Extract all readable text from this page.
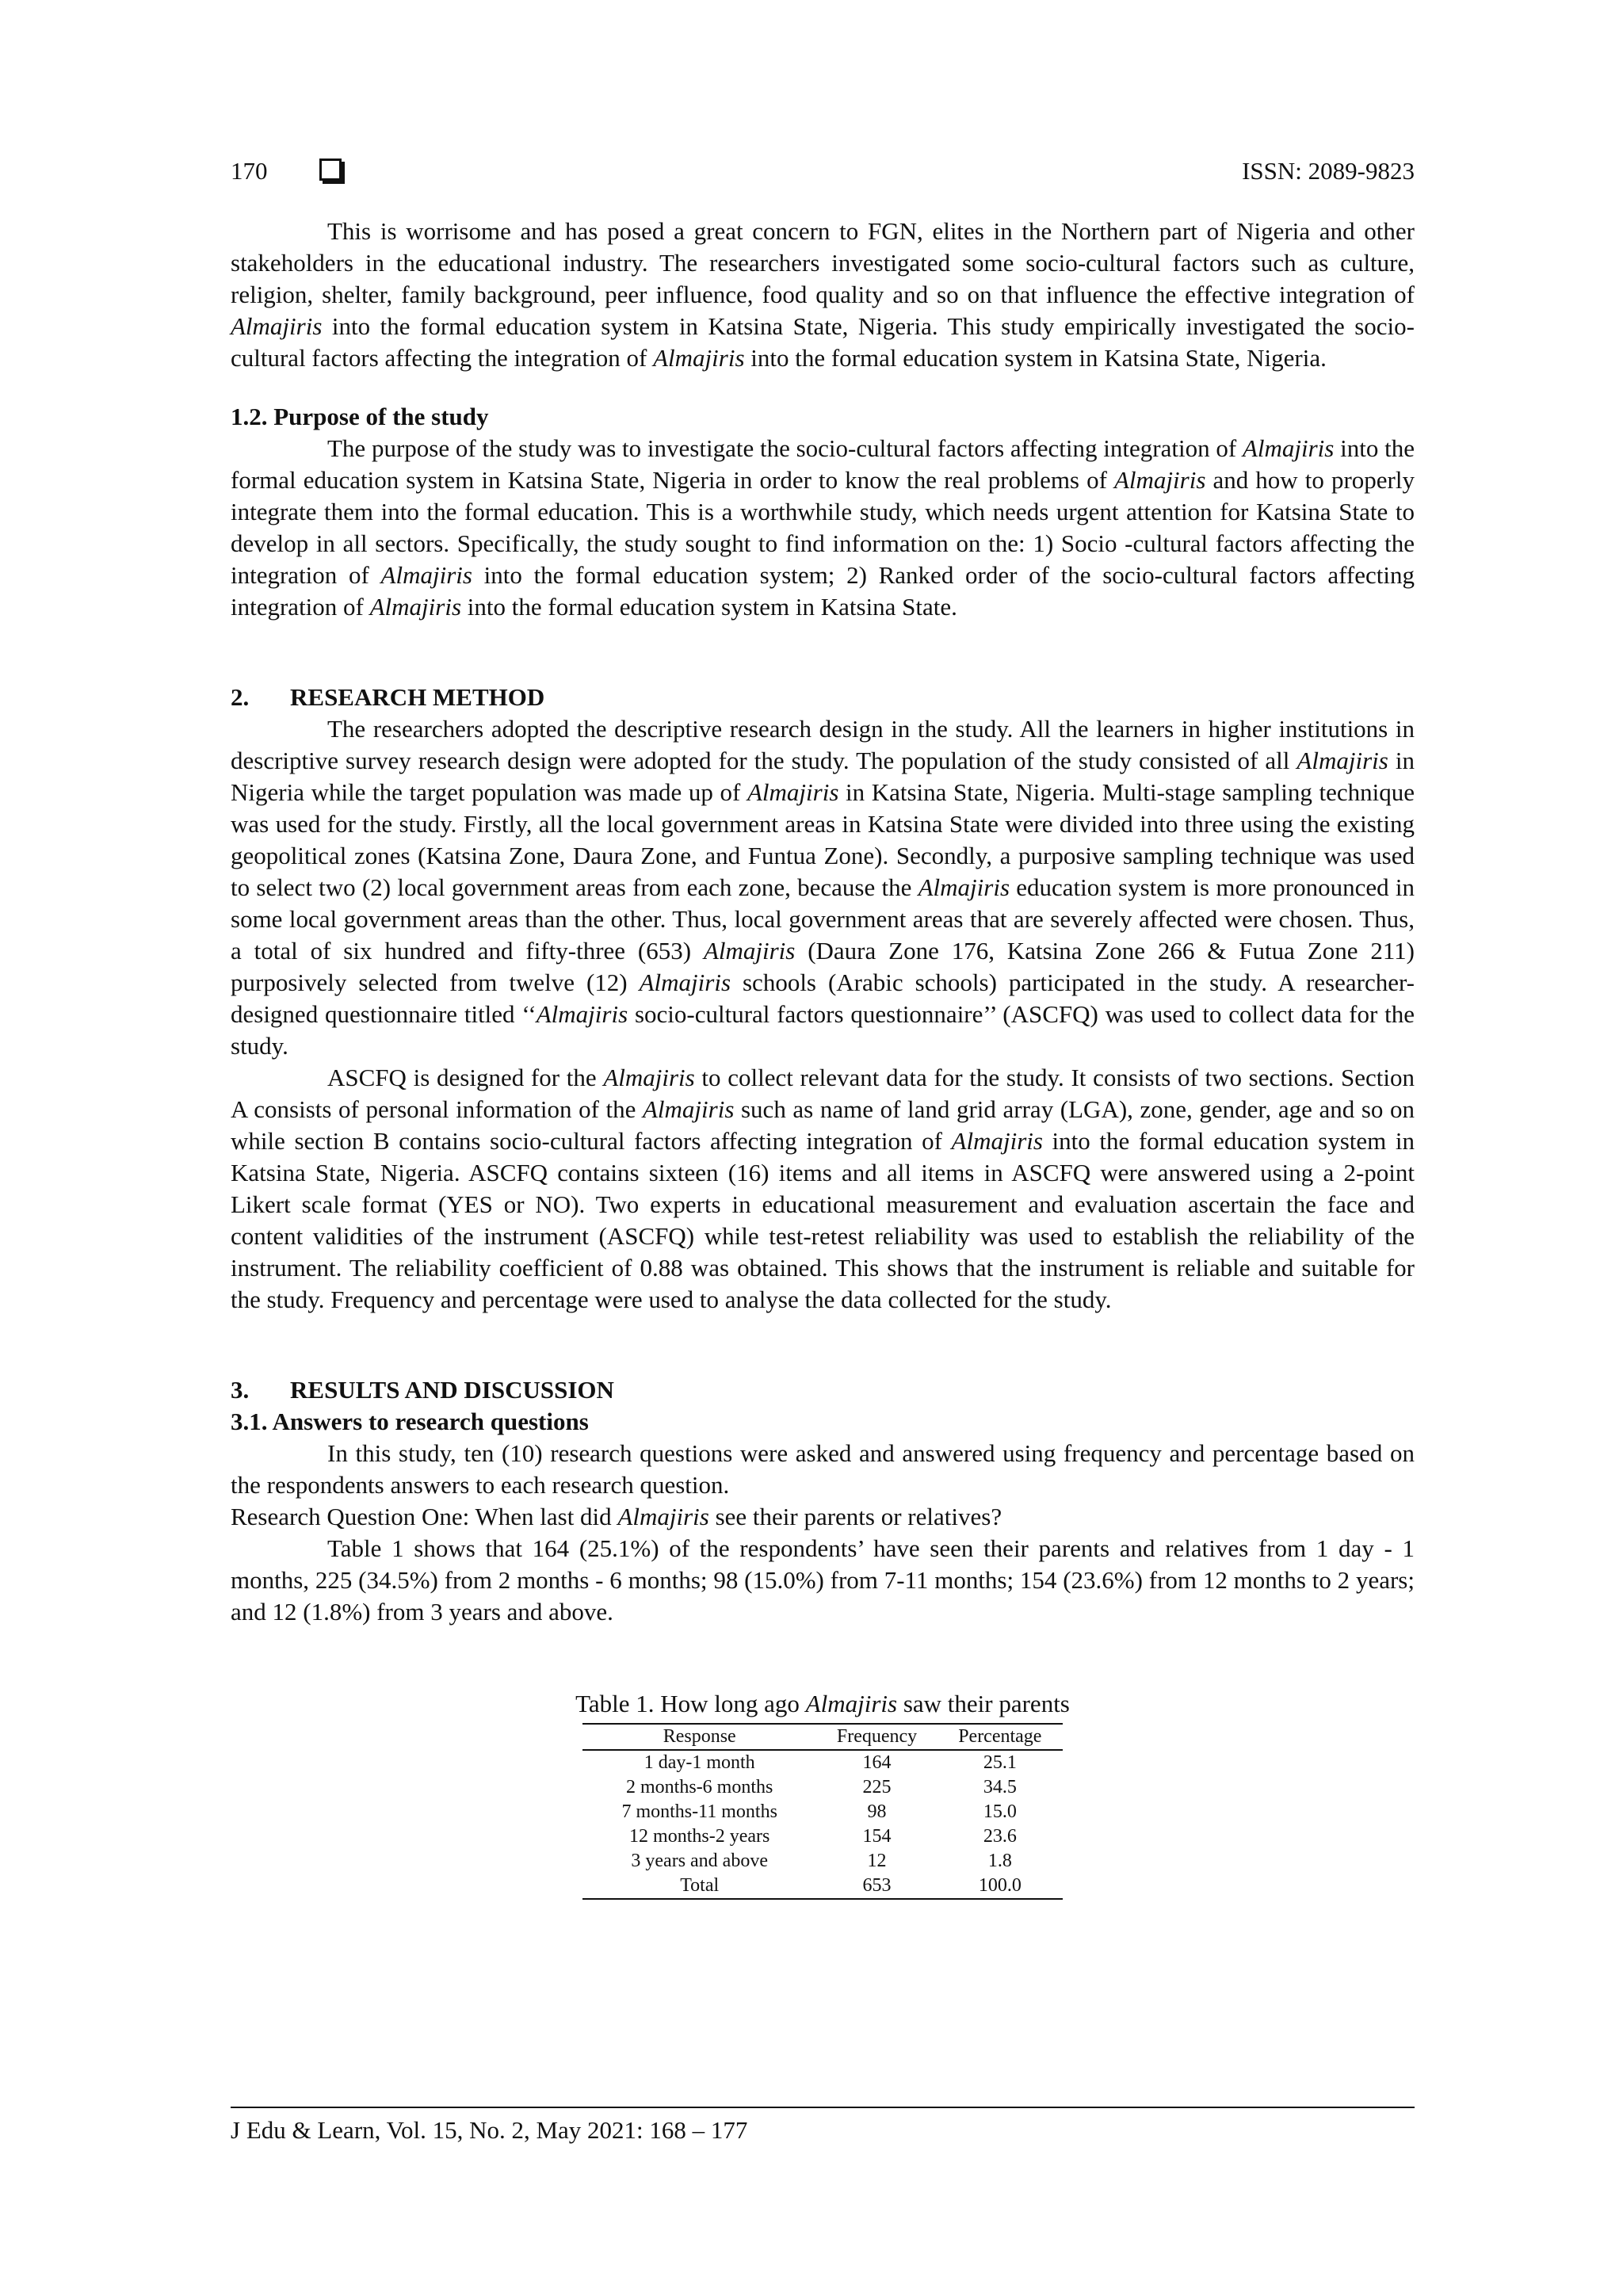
170	ISSN: 2089-9823

This is worrisome and has posed a great concern to FGN, elites in the Northern part of Nigeria and other stakeholders in the educational industry. The researchers investigated some socio-cultural factors such as culture, religion, shelter, family background, peer influence, food quality and so on that influence the effective integration of Almajiris into the formal education system in Katsina State, Nigeria. This study empirically investigated the socio-cultural factors affecting the integration of Almajiris into the formal education system in Katsina State, Nigeria.

1.2. Purpose of the study

The purpose of the study was to investigate the socio-cultural factors affecting integration of Almajiris into the formal education system in Katsina State, Nigeria in order to know the real problems of Almajiris and how to properly integrate them into the formal education. This is a worthwhile study, which needs urgent attention for Katsina State to develop in all sectors. Specifically, the study sought to find information on the: 1) Socio -cultural factors affecting the integration of Almajiris into the formal education system; 2) Ranked order of the socio-cultural factors affecting integration of Almajiris into the formal education system in Katsina State.

2. RESEARCH METHOD

The researchers adopted the descriptive research design in the study. All the learners in higher institutions in descriptive survey research design were adopted for the study. The population of the study consisted of all Almajiris in Nigeria while the target population was made up of Almajiris in Katsina State, Nigeria. Multi-stage sampling technique was used for the study. Firstly, all the local government areas in Katsina State were divided into three using the existing geopolitical zones (Katsina Zone, Daura Zone, and Funtua Zone). Secondly, a purposive sampling technique was used to select two (2) local government areas from each zone, because the Almajiris education system is more pronounced in some local government areas than the other. Thus, local government areas that are severely affected were chosen. Thus, a total of six hundred and fifty-three (653) Almajiris (Daura Zone 176, Katsina Zone 266 & Futua Zone 211) purposively selected from twelve (12) Almajiris schools (Arabic schools) participated in the study. A researcher-designed questionnaire titled ‘‘Almajiris socio-cultural factors questionnaire’’ (ASCFQ) was used to collect data for the study.

ASCFQ is designed for the Almajiris to collect relevant data for the study. It consists of two sections. Section A consists of personal information of the Almajiris such as name of land grid array (LGA), zone, gender, age and so on while section B contains socio-cultural factors affecting integration of Almajiris into the formal education system in Katsina State, Nigeria. ASCFQ contains sixteen (16) items and all items in ASCFQ were answered using a 2-point Likert scale format (YES or NO). Two experts in educational measurement and evaluation ascertain the face and content validities of the instrument (ASCFQ) while test-retest reliability was used to establish the reliability of the instrument. The reliability coefficient of 0.88 was obtained. This shows that the instrument is reliable and suitable for the study. Frequency and percentage were used to analyse the data collected for the study.

3. RESULTS AND DISCUSSION

3.1. Answers to research questions

In this study, ten (10) research questions were asked and answered using frequency and percentage based on the respondents answers to each research question.

Research Question One: When last did Almajiris see their parents or relatives?

Table 1 shows that 164 (25.1%) of the respondents’ have seen their parents and relatives from 1 day - 1 months, 225 (34.5%) from 2 months - 6 months; 98 (15.0%) from 7-11 months; 154 (23.6%) from 12 months to 2 years; and 12 (1.8%) from 3 years and above.

Table 1. How long ago Almajiris saw their parents
Response	Frequency	Percentage
1 day-1 month	164	25.1
2 months-6 months	225	34.5
7 months-11 months	98	15.0
12 months-2 years	154	23.6
3 years and above	12	1.8
Total	653	100.0
J Edu & Learn, Vol. 15, No. 2, May 2021: 168 – 177
